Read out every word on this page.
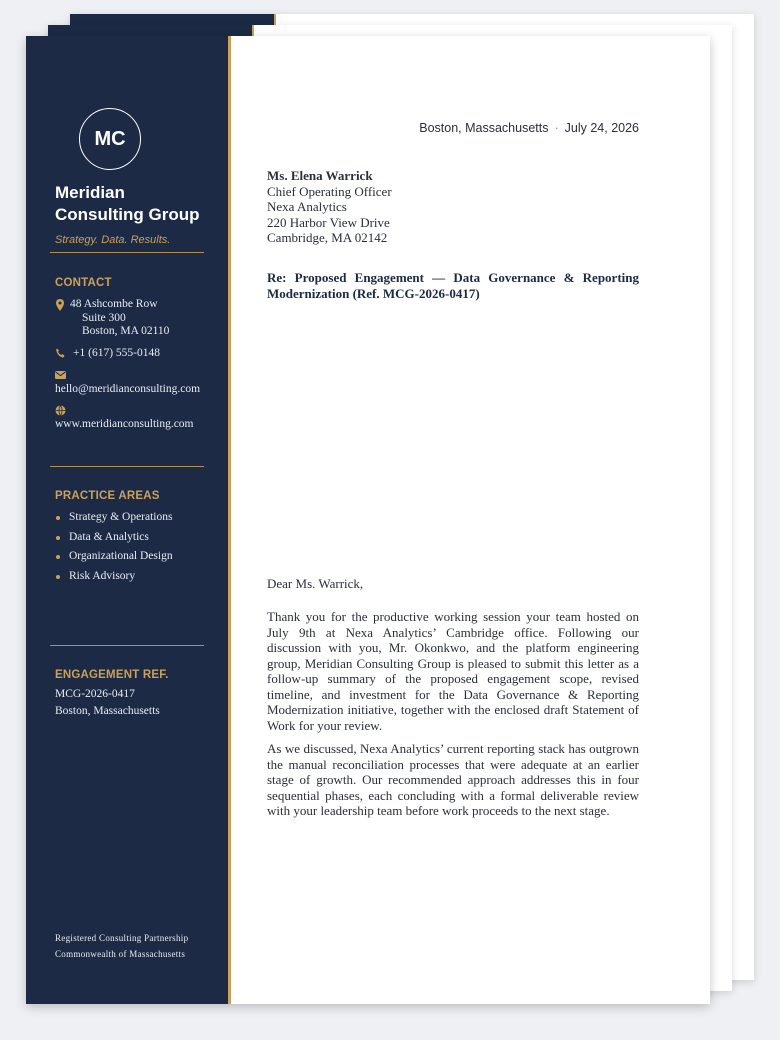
MC
Meridian Consulting Group
Strategy. Data. Results.
CONTACT
48 Ashcombe Row
Suite 300
Boston, MA 02110
+1 (617) 555-0148
hello@meridianconsulting.com
www.meridianconsulting.com
PRACTICE AREAS
Strategy & Operations
Data & Analytics
Organizational Design
Risk Advisory
ENGAGEMENT REF.
MCG-2026-0417
Boston, Massachusetts
Registered Consulting Partnership
Commonwealth of Massachusetts
Boston, Massachusetts · July 24, 2026
Ms. Elena Warrick
Chief Operating Officer
Nexa Analytics
220 Harbor View Drive
Cambridge, MA 02142
Re: Proposed Engagement — Data Governance & Reporting Modernization (Ref. MCG-2026-0417)
Dear Ms. Warrick,

Thank you for the productive working session your team hosted on July 9th at Nexa Analytics’ Cambridge office. Following our discussion with you, Mr. Okonkwo, and the platform engineering group, Meridian Consulting Group is pleased to submit this letter as a follow-up summary of the proposed engagement scope, revised timeline, and investment for the Data Governance & Reporting Modernization initiative, together with the enclosed draft Statement of Work for your review.

As we discussed, Nexa Analytics’ current reporting stack has outgrown the manual reconciliation processes that were adequate at an earlier stage of growth. Our recommended approach addresses this in four sequential phases, each concluding with a formal deliverable review with your leadership team before work proceeds to the next stage.
